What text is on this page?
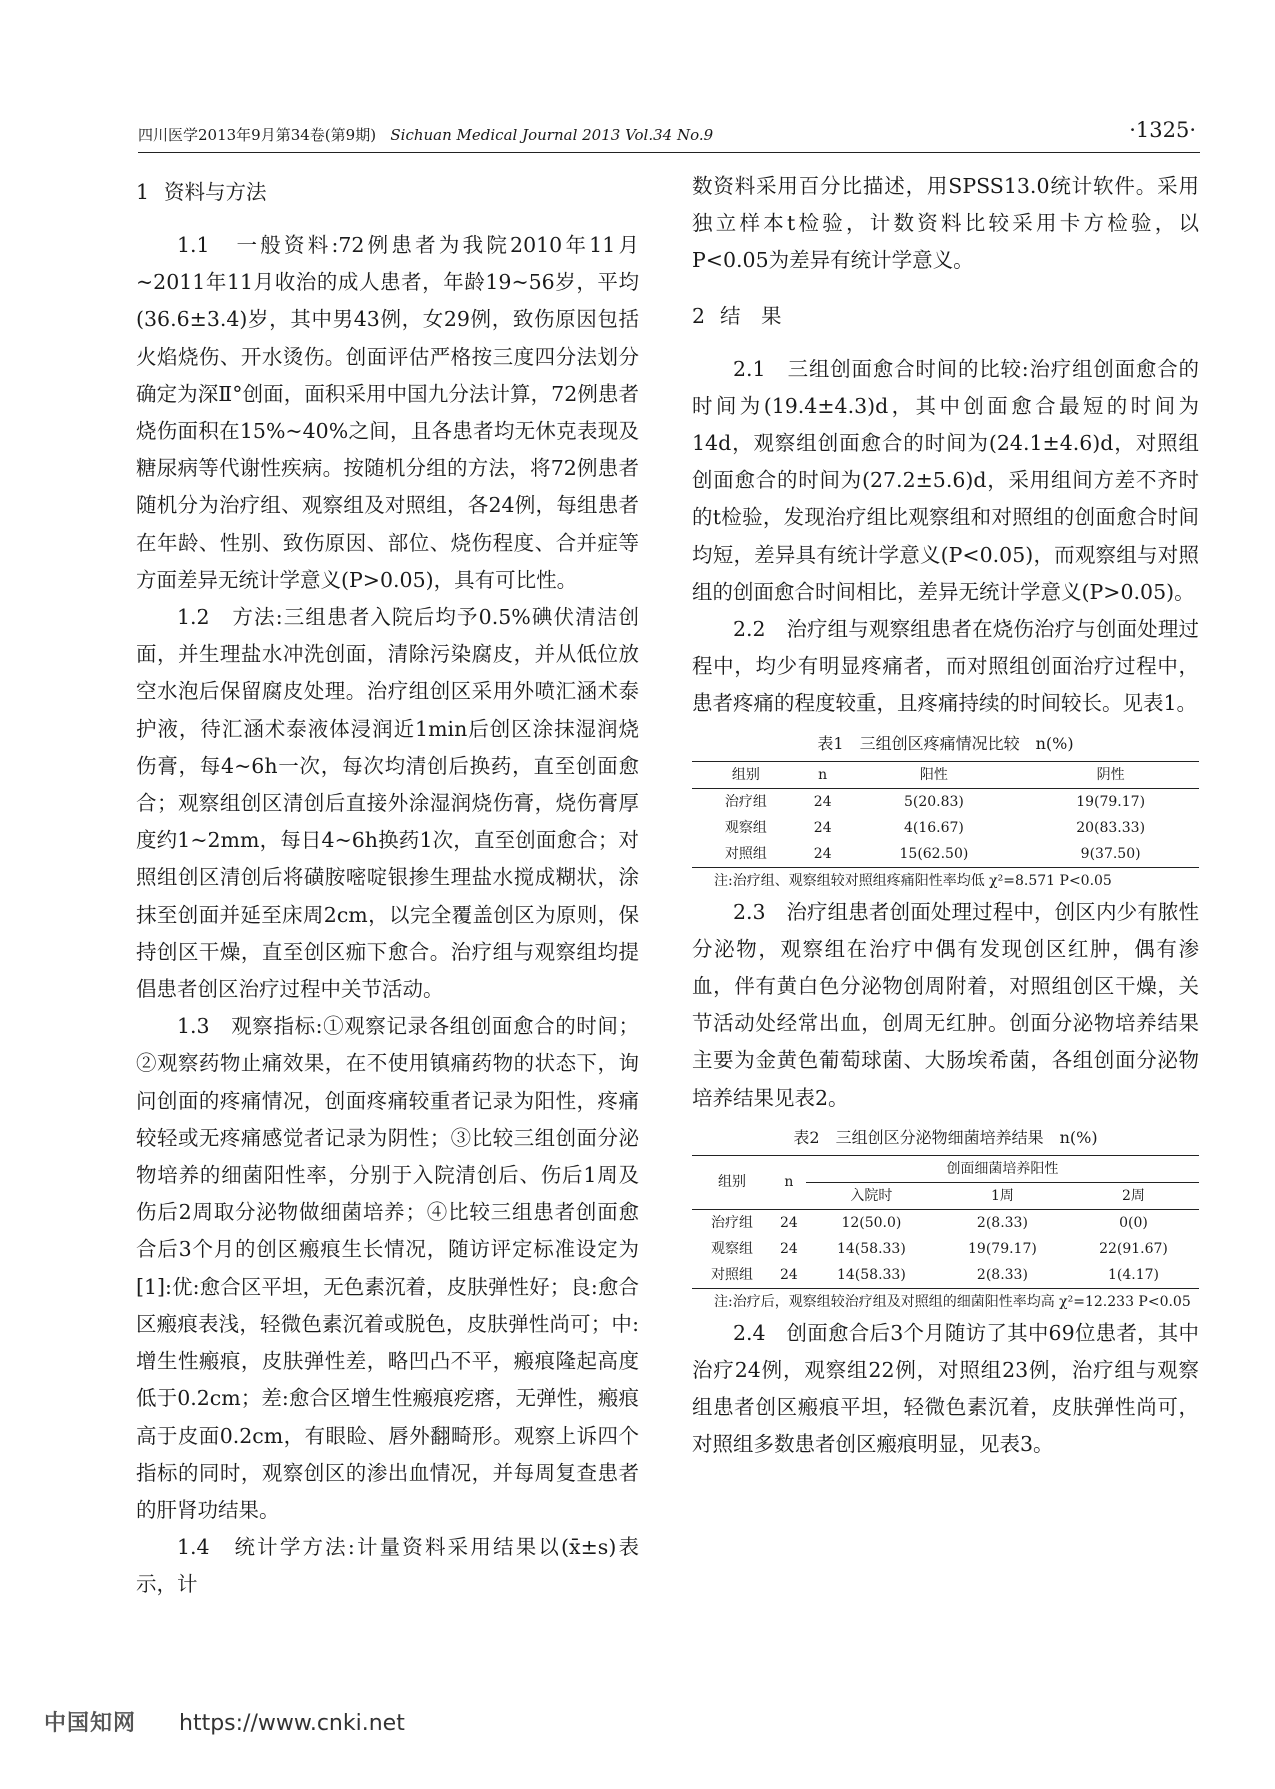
四川医学2013年9月第34卷(第9期) Sichuan Medical Journal 2013 Vol.34 No.9	·1325·
1 资料与方法

1.1　一般资料:72例患者为我院2010年11月~2011年11月收治的成人患者，年龄19~56岁，平均(36.6±3.4)岁，其中男43例，女29例，致伤原因包括火焰烧伤、开水烫伤。创面评估严格按三度四分法划分确定为深Ⅱ°创面，面积采用中国九分法计算，72例患者烧伤面积在15%~40%之间，且各患者均无休克表现及糖尿病等代谢性疾病。按随机分组的方法，将72例患者随机分为治疗组、观察组及对照组，各24例，每组患者在年龄、性别、致伤原因、部位、烧伤程度、合并症等方面差异无统计学意义(P>0.05)，具有可比性。

1.2　方法:三组患者入院后均予0.5%碘伏清洁创面，并生理盐水冲洗创面，清除污染腐皮，并从低位放空水泡后保留腐皮处理。治疗组创区采用外喷汇涵术泰护液，待汇涵术泰液体浸润近1min后创区涂抹湿润烧伤膏，每4~6h一次，每次均清创后换药，直至创面愈合；观察组创区清创后直接外涂湿润烧伤膏，烧伤膏厚度约1~2mm，每日4~6h换药1次，直至创面愈合；对照组创区清创后将磺胺嘧啶银掺生理盐水搅成糊状，涂抹至创面并延至床周2cm，以完全覆盖创区为原则，保持创区干燥，直至创区痂下愈合。治疗组与观察组均提倡患者创区治疗过程中关节活动。

1.3　观察指标:①观察记录各组创面愈合的时间；②观察药物止痛效果，在不使用镇痛药物的状态下，询问创面的疼痛情况，创面疼痛较重者记录为阳性，疼痛较轻或无疼痛感觉者记录为阴性；③比较三组创面分泌物培养的细菌阳性率，分别于入院清创后、伤后1周及伤后2周取分泌物做细菌培养；④比较三组患者创面愈合后3个月的创区瘢痕生长情况，随访评定标准设定为[1]:优:愈合区平坦，无色素沉着，皮肤弹性好；良:愈合区瘢痕表浅，轻微色素沉着或脱色，皮肤弹性尚可；中:增生性瘢痕，皮肤弹性差，略凹凸不平，瘢痕隆起高度低于0.2cm；差:愈合区增生性瘢痕疙瘩，无弹性，瘢痕高于皮面0.2cm，有眼睑、唇外翻畸形。观察上诉四个指标的同时，观察创区的渗出血情况，并每周复查患者的肝肾功结果。

1.4　统计学方法:计量资料采用结果以(x̄±s)表示，计

数资料采用百分比描述，用SPSS13.0统计软件。采用独立样本t检验，计数资料比较采用卡方检验，以P<0.05为差异有统计学意义。

2 结　果

2.1　三组创面愈合时间的比较:治疗组创面愈合的时间为(19.4±4.3)d，其中创面愈合最短的时间为14d，观察组创面愈合的时间为(24.1±4.6)d，对照组创面愈合的时间为(27.2±5.6)d，采用组间方差不齐时的t检验，发现治疗组比观察组和对照组的创面愈合时间均短，差异具有统计学意义(P<0.05)，而观察组与对照组的创面愈合时间相比，差异无统计学意义(P>0.05)。

2.2　治疗组与观察组患者在烧伤治疗与创面处理过程中，均少有明显疼痛者，而对照组创面治疗过程中，患者疼痛的程度较重，且疼痛持续的时间较长。见表1。

表1　三组创区疼痛情况比较　n(%)
组别	n	阳性	阴性
治疗组	24	5(20.83)	19(79.17)
观察组	24	4(16.67)	20(83.33)
对照组	24	15(62.50)	9(37.50)
注:治疗组、观察组较对照组疼痛阳性率均低 χ²=8.571 P<0.05

2.3　治疗组患者创面处理过程中，创区内少有脓性分泌物，观察组在治疗中偶有发现创区红肿，偶有渗血，伴有黄白色分泌物创周附着，对照组创区干燥，关节活动处经常出血，创周无红肿。创面分泌物培养结果主要为金黄色葡萄球菌、大肠埃希菌，各组创面分泌物培养结果见表2。

表2　三组创区分泌物细菌培养结果　n(%)
组别	n	创面细菌培养阳性		
		入院时	1周	2周
治疗组	24	12(50.0)	2(8.33)	0(0)
观察组	24	14(58.33)	19(79.17)	22(91.67)
对照组	24	14(58.33)	2(8.33)	1(4.17)
注:治疗后，观察组较治疗组及对照组的细菌阳性率均高 χ²=12.233 P<0.05

2.4　创面愈合后3个月随访了其中69位患者，其中治疗24例，观察组22例，对照组23例，治疗组与观察组患者创区瘢痕平坦，轻微色素沉着，皮肤弹性尚可，对照组多数患者创区瘢痕明显，见表3。

中国知网 https://www.cnki.net
